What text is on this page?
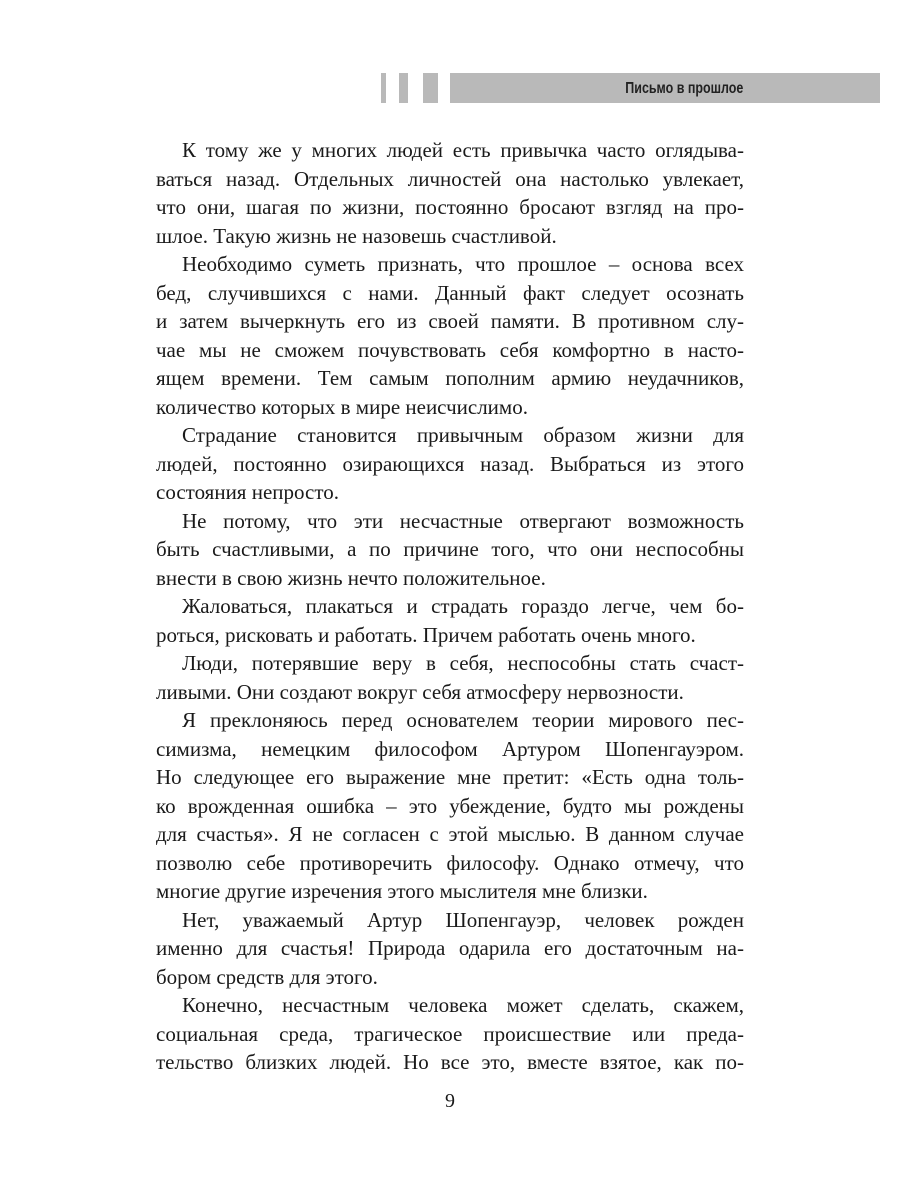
Письмо в прошлое
К тому же у многих людей есть привычка часто оглядыва-
ваться назад. Отдельных личностей она настолько увлекает,
что они, шагая по жизни, постоянно бросают взгляд на про-
шлое. Такую жизнь не назовешь счастливой.
Необходимо суметь признать, что прошлое – основа всех
бед, случившихся с нами. Данный факт следует осознать
и затем вычеркнуть его из своей памяти. В противном слу-
чае мы не сможем почувствовать себя комфортно в насто-
ящем времени. Тем самым пополним армию неудачников,
количество которых в мире неисчислимо.
Страдание становится привычным образом жизни для
людей, постоянно озирающихся назад. Выбраться из этого
состояния непросто.
Не потому, что эти несчастные отвергают возможность
быть счастливыми, а по причине того, что они неспособны
внести в свою жизнь нечто положительное.
Жаловаться, плакаться и страдать гораздо легче, чем бо-
роться, рисковать и работать. Причем работать очень много.
Люди, потерявшие веру в себя, неспособны стать счаст-
ливыми. Они создают вокруг себя атмосферу нервозности.
Я преклоняюсь перед основателем теории мирового пес-
симизма, немецким философом Артуром Шопенгауэром.
Но следующее его выражение мне претит: «Есть одна толь-
ко врожденная ошибка – это убеждение, будто мы рождены
для счастья». Я не согласен с этой мыслью. В данном случае
позволю себе противоречить философу. Однако отмечу, что
многие другие изречения этого мыслителя мне близки.
Нет, уважаемый Артур Шопенгауэр, человек рожден
именно для счастья! Природа одарила его достаточным на-
бором средств для этого.
Конечно, несчастным человека может сделать, скажем,
социальная среда, трагическое происшествие или преда-
тельство близких людей. Но все это, вместе взятое, как по-
9
